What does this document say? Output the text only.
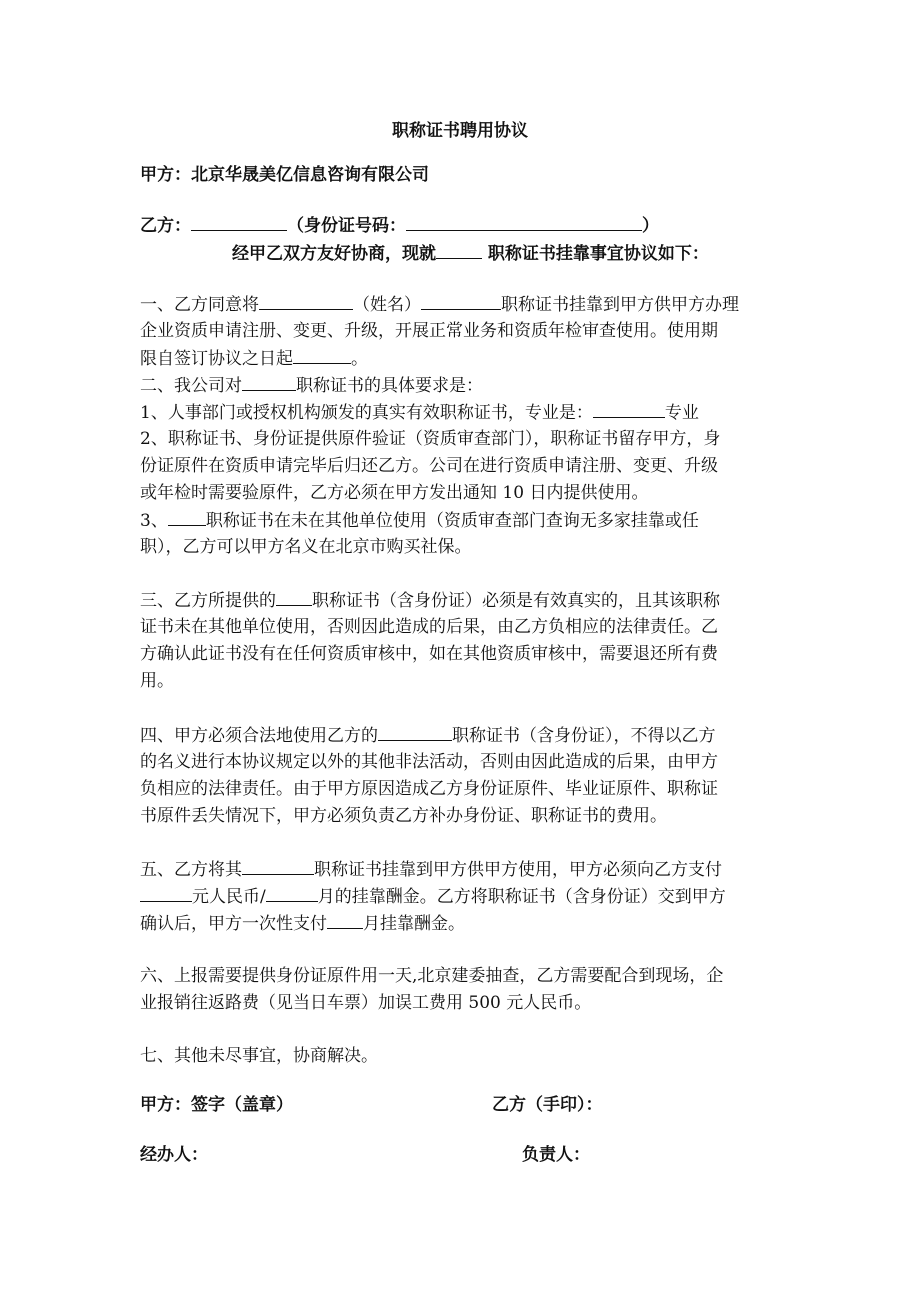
职称证书聘用协议
甲方：北京华晟美亿信息咨询有限公司
乙方：	（身份证号码：	）
经甲乙双方友好协商，现就	职称证书挂靠事宜协议如下：
一、乙方同意将	（姓名）	职称证书挂靠到甲方供甲方办理
企业资质申请注册、变更、升级，开展正常业务和资质年检审查使用。使用期
限自签订协议之日起	。
二、我公司对	职称证书的具体要求是：
1、人事部门或授权机构颁发的真实有效职称证书，专业是：	专业
2、职称证书、身份证提供原件验证（资质审查部门），职称证书留存甲方，身
份证原件在资质申请完毕后归还乙方。公司在进行资质申请注册、变更、升级
或年检时需要验原件，乙方必须在甲方发出通知 10 日内提供使用。
3、 职称证书在未在其他单位使用（资质审查部门查询无多家挂靠或任
职），乙方可以甲方名义在北京市购买社保。
三、乙方所提供的 职称证书（含身份证）必须是有效真实的，且其该职称
证书未在其他单位使用，否则因此造成的后果，由乙方负相应的法律责任。乙
方确认此证书没有在任何资质审核中，如在其他资质审核中，需要退还所有费
用。
四、甲方必须合法地使用乙方的	职称证书（含身份证），不得以乙方
的名义进行本协议规定以外的其他非法活动，否则由因此造成的后果，由甲方
负相应的法律责任。由于甲方原因造成乙方身份证原件、毕业证原件、职称证
书原件丢失情况下，甲方必须负责乙方补办身份证、职称证书的费用。
五、乙方将其	职称证书挂靠到甲方供甲方使用，甲方必须向乙方支付
元人民币/	月的挂靠酬金。乙方将职称证书（含身份证）交到甲方
确认后，甲方一次性支付 月挂靠酬金。
六、上报需要提供身份证原件用一天,北京建委抽查，乙方需要配合到现场，企
业报销往返路费（见当日车票）加误工费用 500 元人民币。
七、其他未尽事宜，协商解决。
甲方：签字（盖章）	乙方（手印）：
经办人：	负责人：
